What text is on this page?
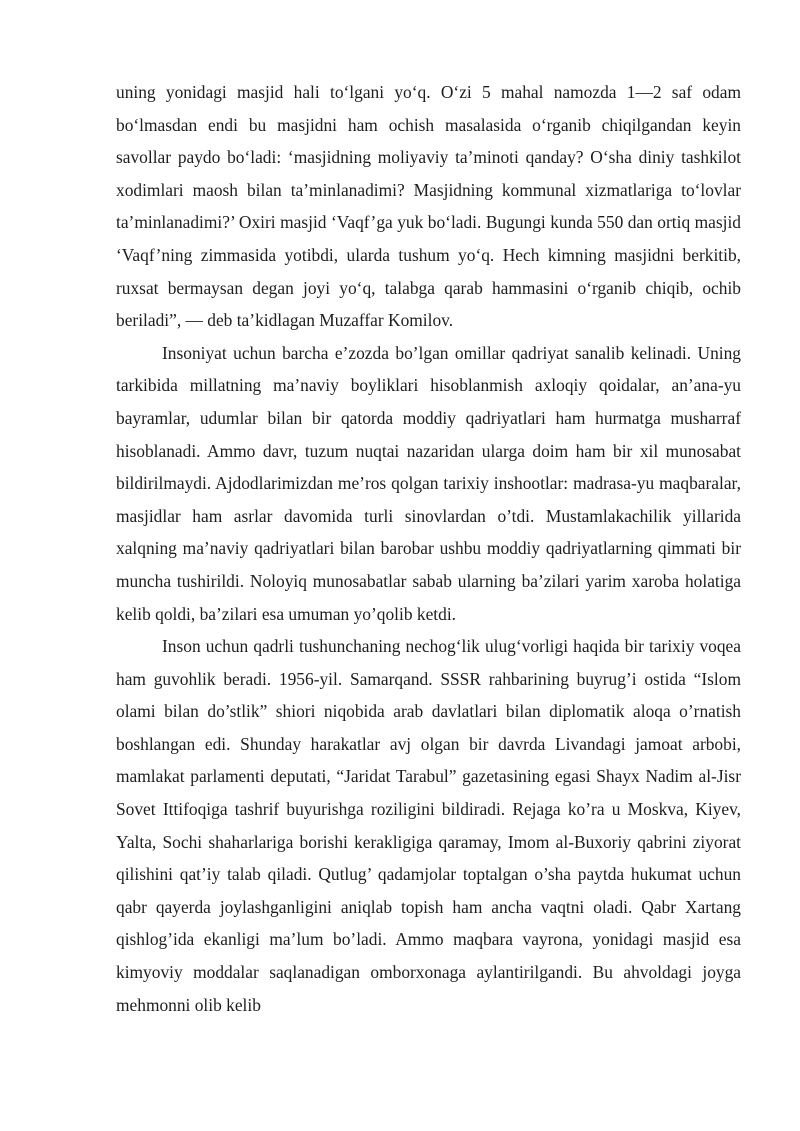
uning yonidagi masjid hali to‘lgani yo‘q. O‘zi 5 mahal namozda 1—2 saf odam bo‘lmasdan endi bu masjidni ham ochish masalasida o‘rganib chiqilgandan keyin savollar paydo bo‘ladi: ‘masjidning moliyaviy ta’minoti qanday? O‘sha diniy tashkilot xodimlari maosh bilan ta’minlanadimi? Masjidning kommunal xizmatlariga to‘lovlar ta’minlanadimi?’ Oxiri masjid ‘Vaqf’ga yuk bo‘ladi. Bugungi kunda 550 dan ortiq masjid ‘Vaqf’ning zimmasida yotibdi, ularda tushum yo‘q. Hech kimning masjidni berkitib, ruxsat bermaysan degan joyi yo‘q, talabga qarab hammasini o‘rganib chiqib, ochib beriladi”, — deb ta’kidlagan Muzaffar Komilov.

Insoniyat uchun barcha e’zozda bo’lgan omillar qadriyat sanalib kelinadi. Uning tarkibida millatning ma’naviy boyliklari hisoblanmish axloqiy qoidalar, an’ana-yu bayramlar, udumlar bilan bir qatorda moddiy qadriyatlari ham hurmatga musharraf hisoblanadi. Ammo davr, tuzum nuqtai nazaridan ularga doim ham bir xil munosabat bildirilmaydi. Ajdodlarimizdan me’ros qolgan tarixiy inshootlar: madrasa-yu maqbaralar, masjidlar ham asrlar davomida turli sinovlardan o’tdi. Mustamlakachilik yillarida xalqning ma’naviy qadriyatlari bilan barobar ushbu moddiy qadriyatlarning qimmati bir muncha tushirildi. Noloyiq munosabatlar sabab ularning ba’zilari yarim xaroba holatiga kelib qoldi, ba’zilari esa umuman yo’qolib ketdi.

Inson uchun qadrli tushunchaning nechog‘lik ulug‘vorligi haqida bir tarixiy voqea ham guvohlik beradi. 1956-yil. Samarqand. SSSR rahbarining buyrug’i ostida “Islom olami bilan do’stlik” shiori niqobida arab davlatlari bilan diplomatik aloqa o’rnatish boshlangan edi. Shunday harakatlar avj olgan bir davrda Livandagi jamoat arbobi, mamlakat parlamenti deputati, “Jaridat Tarabul” gazetasining egasi Shayx Nadim al-Jisr Sovet Ittifoqiga tashrif buyurishga roziligini bildiradi. Rejaga ko’ra u Moskva, Kiyev, Yalta, Sochi shaharlariga borishi kerakligiga qaramay, Imom al-Buxoriy qabrini ziyorat qilishini qat’iy talab qiladi. Qutlug’ qadamjolar toptalgan o’sha paytda hukumat uchun qabr qayerda joylashganligini aniqlab topish ham ancha vaqtni oladi. Qabr Xartang qishlog’ida ekanligi ma’lum bo’ladi. Ammo maqbara vayrona, yonidagi masjid esa kimyoviy moddalar saqlanadigan omborxonaga aylantirilgandi. Bu ahvoldagi joyga mehmonni olib kelib
